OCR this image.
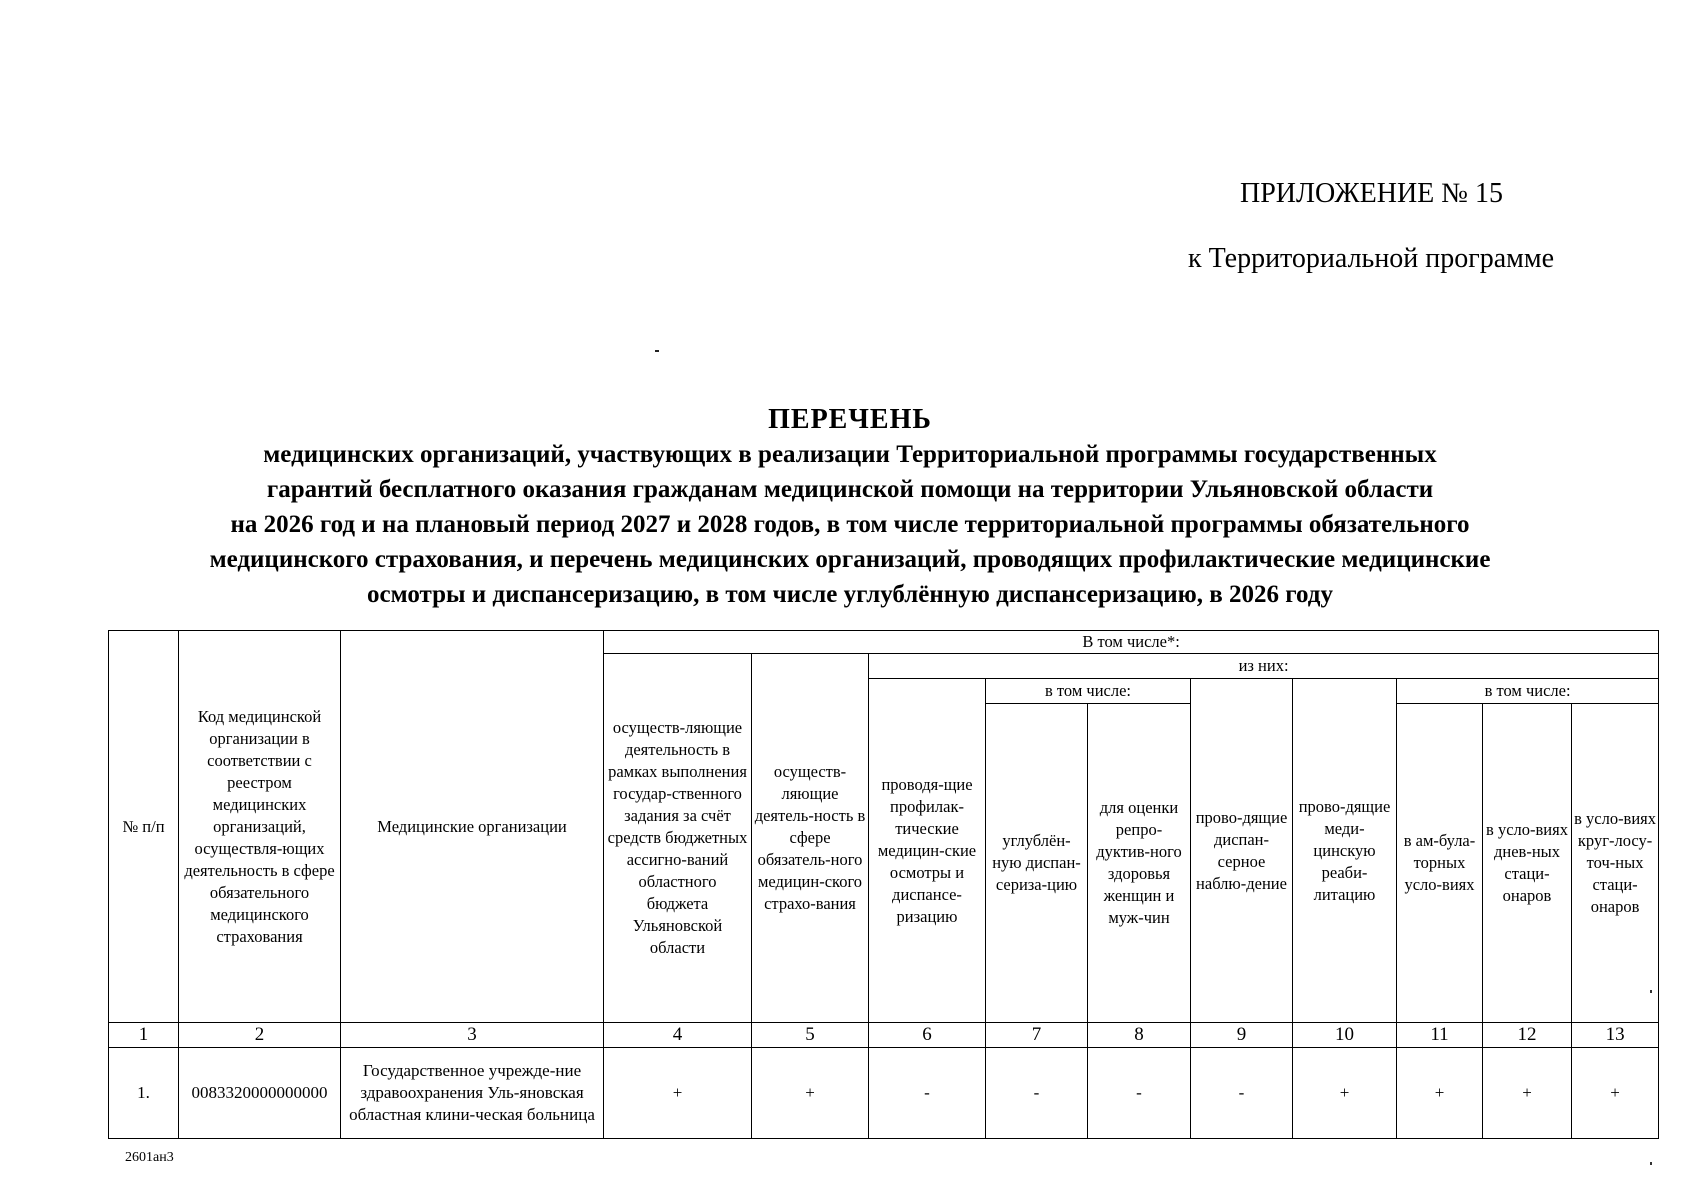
ПРИЛОЖЕНИЕ № 15
к Территориальной программе
ПЕРЕЧЕНЬ
медицинских организаций, участвующих в реализации Территориальной программы государственных
гарантий бесплатного оказания гражданам медицинской помощи на территории Ульяновской области
на 2026 год и на плановый период 2027 и 2028 годов, в том числе территориальной программы обязательного
медицинского страхования, и перечень медицинских организаций, проводящих профилактические медицинские
осмотры и диспансеризацию, в том числе углублённую диспансеризацию, в 2026 году
№ п/п	Код медицинской организации в соответствии с реестром медицинских организаций, осуществля-ющих деятельность в сфере обязательного медицинского страхования	Медицинские организации	В том числе*:									
			осуществ-ляющие деятельность в рамках выполнения государ-ственного задания за счёт средств бюджетных ассигно-ваний областного бюджета Ульяновской области	осуществ-ляющие деятель-ность в сфере обязатель-ного медицин-ского страхо-вания	из них:							
					проводя-щие профилак-тические медицин-ские осмотры и диспансе-ризацию	в том числе:		прово-дящие диспан-серное наблю-дение	прово-дящие меди-цинскую реаби-литацию	в том числе:		
						углублён-ную диспан-сериза-цию	для оценки репро-дуктив-ного здоровья женщин и муж-чин			в ам-була-торных усло-виях	в усло-виях днев-ных стаци-онаров	в усло-виях круг-лосу-точ-ных стаци-онаров
1	2	3	4	5	6	7	8	9	10	11	12	13
1.	0083320000000000	Государственное учрежде-ние здравоохранения Уль-яновская областная клини-ческая больница	+	+	-	-	-	-	+	+	+	+
2601ан3
